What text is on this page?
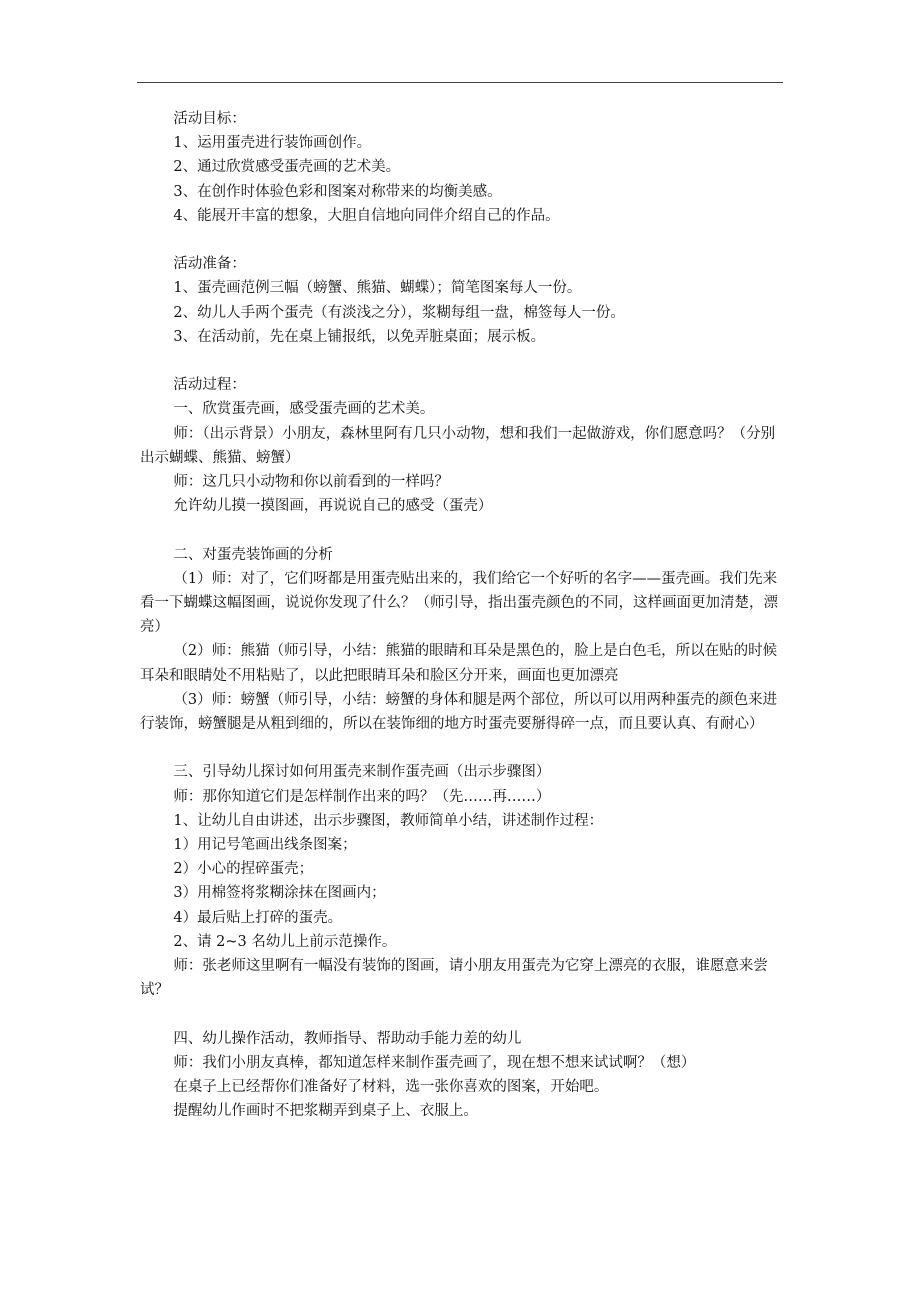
活动目标：

1、运用蛋壳进行装饰画创作。

2、通过欣赏感受蛋壳画的艺术美。

3、在创作时体验色彩和图案对称带来的均衡美感。

4、能展开丰富的想象，大胆自信地向同伴介绍自己的作品。

活动准备：

1、蛋壳画范例三幅（螃蟹、熊猫、蝴蝶）；简笔图案每人一份。

2、幼儿人手两个蛋壳（有淡浅之分），浆糊每组一盘，棉签每人一份。

3、在活动前，先在桌上铺报纸，以免弄脏桌面；展示板。

活动过程：

一、欣赏蛋壳画，感受蛋壳画的艺术美。

师：（出示背景）小朋友，森林里阿有几只小动物，想和我们一起做游戏，你们愿意吗？（分别出示蝴蝶、熊猫、螃蟹）

师：这几只小动物和你以前看到的一样吗？

允许幼儿摸一摸图画，再说说自己的感受（蛋壳）

二、对蛋壳装饰画的分析

（1）师：对了，它们呀都是用蛋壳贴出来的，我们给它一个好听的名字——蛋壳画。我们先来看一下蝴蝶这幅图画，说说你发现了什么？（师引导，指出蛋壳颜色的不同，这样画面更加清楚，漂亮）

（2）师：熊猫（师引导，小结：熊猫的眼睛和耳朵是黑色的，脸上是白色毛，所以在贴的时候耳朵和眼睛处不用粘贴了，以此把眼睛耳朵和脸区分开来，画面也更加漂亮

（3）师：螃蟹（师引导，小结：螃蟹的身体和腿是两个部位，所以可以用两种蛋壳的颜色来进行装饰，螃蟹腿是从粗到细的，所以在装饰细的地方时蛋壳要掰得碎一点，而且要认真、有耐心）

三、引导幼儿探讨如何用蛋壳来制作蛋壳画（出示步骤图）

师：那你知道它们是怎样制作出来的吗？（先……再……）

1、让幼儿自由讲述，出示步骤图，教师简单小结，讲述制作过程：

1）用记号笔画出线条图案；

2）小心的捏碎蛋壳；

3）用棉签将浆糊涂抹在图画内；

4）最后贴上打碎的蛋壳。

2、请 2~3 名幼儿上前示范操作。

师：张老师这里啊有一幅没有装饰的图画，请小朋友用蛋壳为它穿上漂亮的衣服，谁愿意来尝试？

四、幼儿操作活动，教师指导、帮助动手能力差的幼儿

师：我们小朋友真棒，都知道怎样来制作蛋壳画了，现在想不想来试试啊？（想）

在桌子上已经帮你们准备好了材料，选一张你喜欢的图案，开始吧。

提醒幼儿作画时不把浆糊弄到桌子上、衣服上。
